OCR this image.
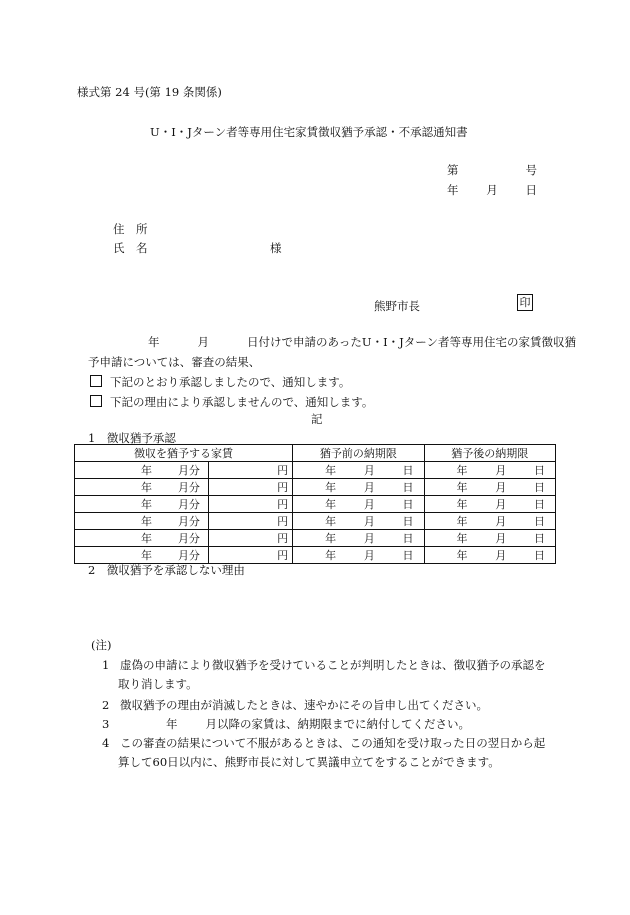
様式第 24 号(第 19 条関係)
U・I・Jターン者等専用住宅家賃徴収猶予承認・不承認通知書
第	号
年 月 日
住　所
氏　名	様
熊野市長	印
年	月	日付けで申請のあったU・I・Jターン者等専用住宅の家賃徴収猶
予申請については、審査の結果、
下記のとおり承認しましたので、通知します。
下記の理由により承認しませんので、通知します。
記
1　徴収猶予承認
徴収を猶予する家賃		猶予前の納期限	猶予後の納期限

年 月分	円	年 月 日	年 月 日

年 月分	円	年 月 日	年 月 日

年 月分	円	年 月 日	年 月 日

年 月分	円	年 月 日	年 月 日

年 月分	円	年 月 日	年 月 日

年 月分	円	年 月 日	年 月 日
2　徴収猶予を承認しない理由
(注)
1 虚偽の申請により徴収猶予を受けていることが判明したときは、徴収猶予の承認を
取り消します。
2 徴収猶予の理由が消滅したときは、速やかにその旨申し出てください。
3	年 月以降の家賃は、納期限までに納付してください。
4 この審査の結果について不服があるときは、この通知を受け取った日の翌日から起
算して60日以内に、熊野市長に対して異議申立てをすることができます。
